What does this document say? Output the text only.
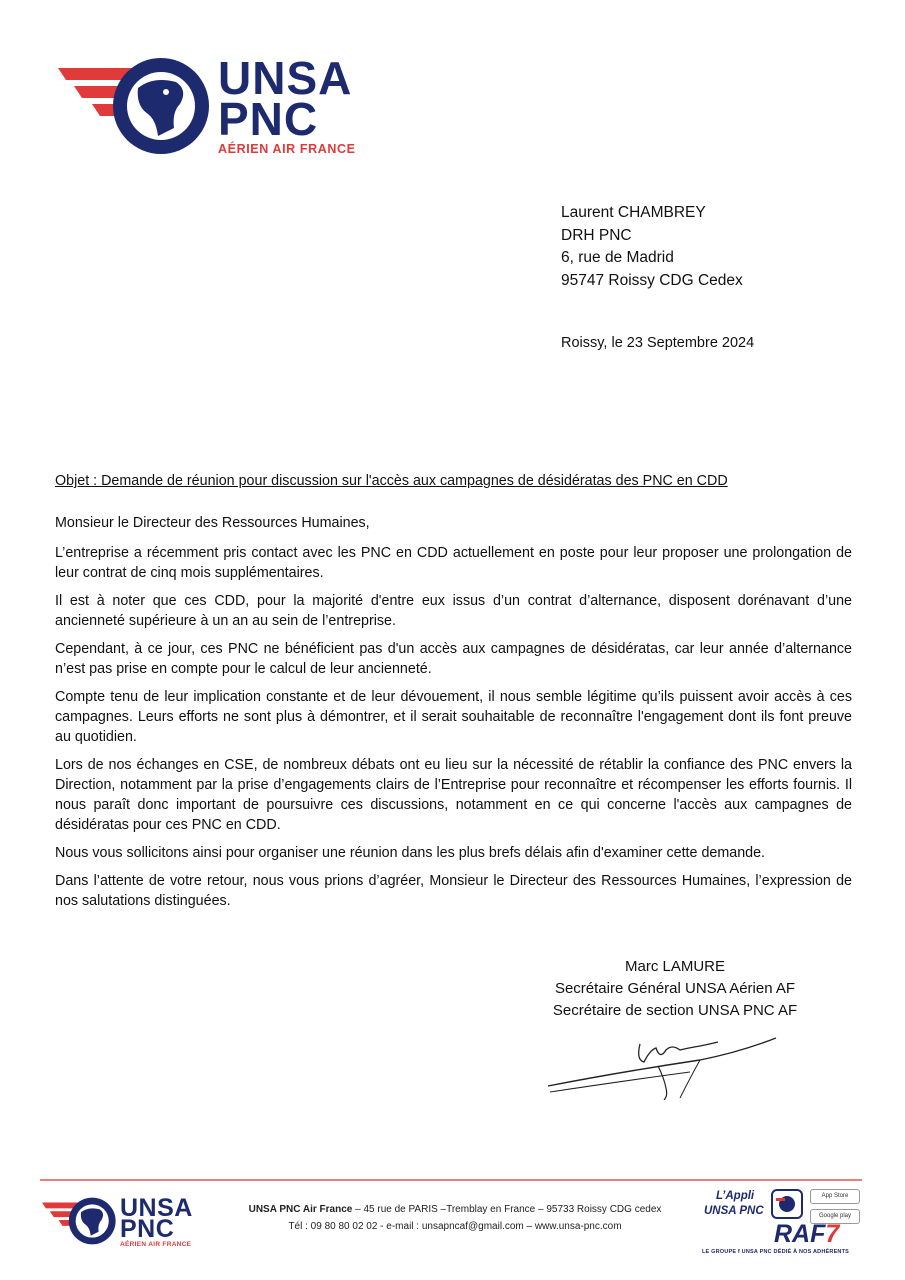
UNSA
PNC
AÉRIEN AIR FRANCE
Laurent CHAMBREY
DRH PNC
6, rue de Madrid
95747 Roissy CDG Cedex
Roissy, le 23 Septembre 2024
Objet : Demande de réunion pour discussion sur l'accès aux campagnes de désidératas des PNC en CDD

Monsieur le Directeur des Ressources Humaines,

L’entreprise a récemment pris contact avec les PNC en CDD actuellement en poste pour leur proposer une prolongation de leur contrat de cinq mois supplémentaires.

Il est à noter que ces CDD, pour la majorité d'entre eux issus d’un contrat d’alternance, disposent dorénavant d’une ancienneté supérieure à un an au sein de l’entreprise.

Cependant, à ce jour, ces PNC ne bénéficient pas d'un accès aux campagnes de désidératas, car leur année d’alternance n’est pas prise en compte pour le calcul de leur ancienneté.

Compte tenu de leur implication constante et de leur dévouement, il nous semble légitime qu’ils puissent avoir accès à ces campagnes. Leurs efforts ne sont plus à démontrer, et il serait souhaitable de reconnaître l'engagement dont ils font preuve au quotidien.

Lors de nos échanges en CSE, de nombreux débats ont eu lieu sur la nécessité de rétablir la confiance des PNC envers la Direction, notamment par la prise d’engagements clairs de l’Entreprise pour reconnaître et récompenser les efforts fournis. Il nous paraît donc important de poursuivre ces discussions, notamment en ce qui concerne l'accès aux campagnes de désidératas pour ces PNC en CDD.

Nous vous sollicitons ainsi pour organiser une réunion dans les plus brefs délais afin d'examiner cette demande.

Dans l’attente de votre retour, nous vous prions d’agréer, Monsieur le Directeur des Ressources Humaines, l’expression de nos salutations distinguées.

Marc LAMURE
Secrétaire Général UNSA Aérien AF
Secrétaire de section UNSA PNC AF
UNSA
PNC
AÉRIEN AIR FRANCE
UNSA PNC Air France – 45 rue de PARIS –Tremblay en France – 95733 Roissy CDG cedex
Tél : 09 80 80 02 02 - e-mail : unsapncaf@gmail.com – www.unsa-pnc.com
L’Appli
UNSA PNC
App Store
Google play
RAF7
LE GROUPE f UNSA PNC DÉDIÉ À NOS ADHÉRENTS
